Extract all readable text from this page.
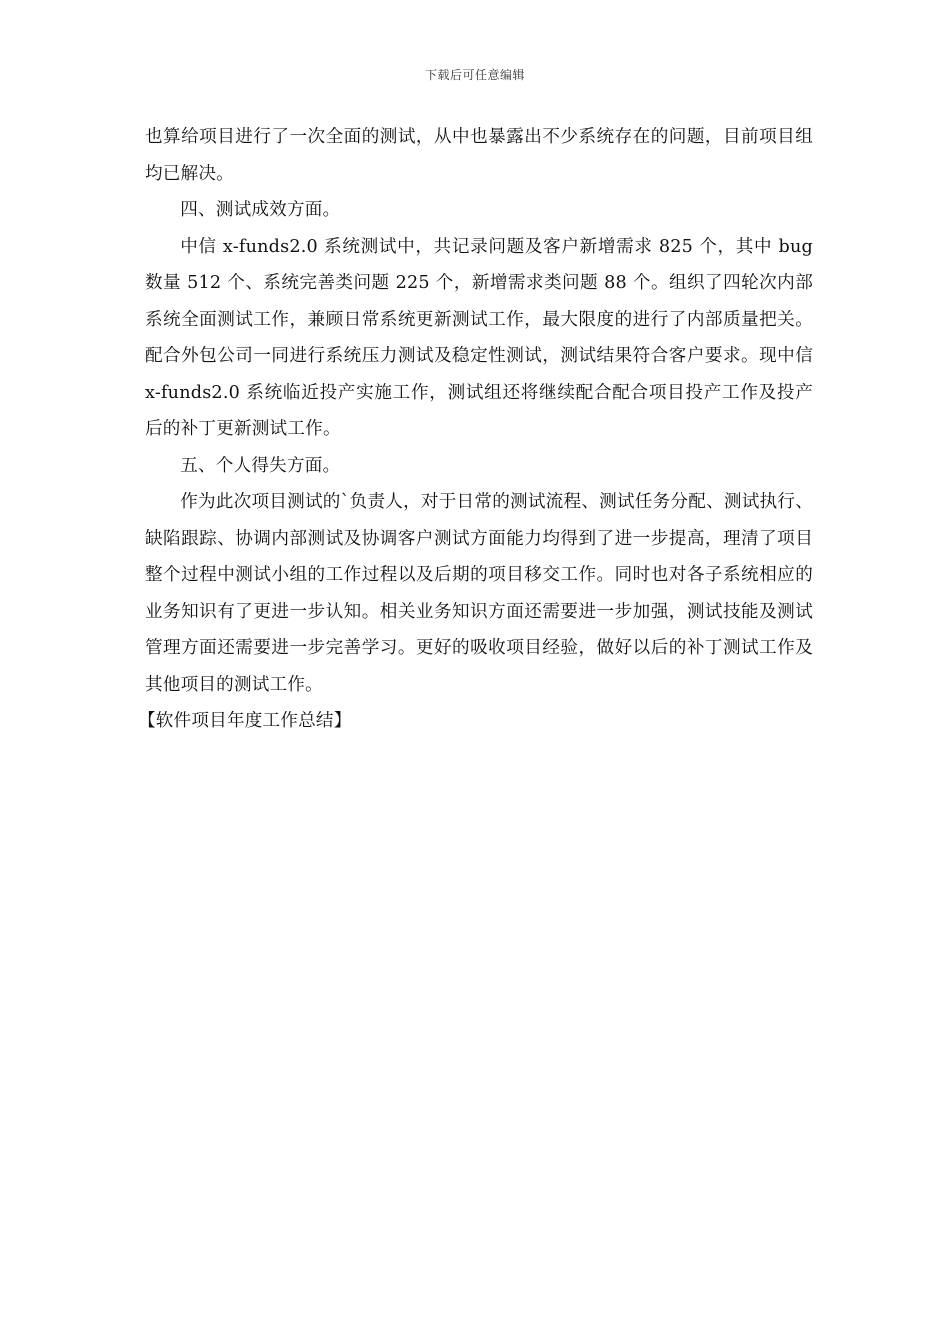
下载后可任意编辑

也算给项目进行了一次全面的测试，从中也暴露出不少系统存在的问题，目前项目组均已解决。

四、测试成效方面。

中信 x-funds2.0 系统测试中，共记录问题及客户新增需求 825 个，其中 bug 数量 512 个、系统完善类问题 225 个，新增需求类问题 88 个。组织了四轮次内部系统全面测试工作，兼顾日常系统更新测试工作，最大限度的进行了内部质量把关。配合外包公司一同进行系统压力测试及稳定性测试，测试结果符合客户要求。现中信 x-funds2.0 系统临近投产实施工作，测试组还将继续配合配合项目投产工作及投产后的补丁更新测试工作。

五、个人得失方面。

作为此次项目测试的`负责人，对于日常的测试流程、测试任务分配、测试执行、缺陷跟踪、协调内部测试及协调客户测试方面能力均得到了进一步提高，理清了项目整个过程中测试小组的工作过程以及后期的项目移交工作。同时也对各子系统相应的业务知识有了更进一步认知。相关业务知识方面还需要进一步加强，测试技能及测试管理方面还需要进一步完善学习。更好的吸收项目经验，做好以后的补丁测试工作及其他项目的测试工作。

【软件项目年度工作总结】
